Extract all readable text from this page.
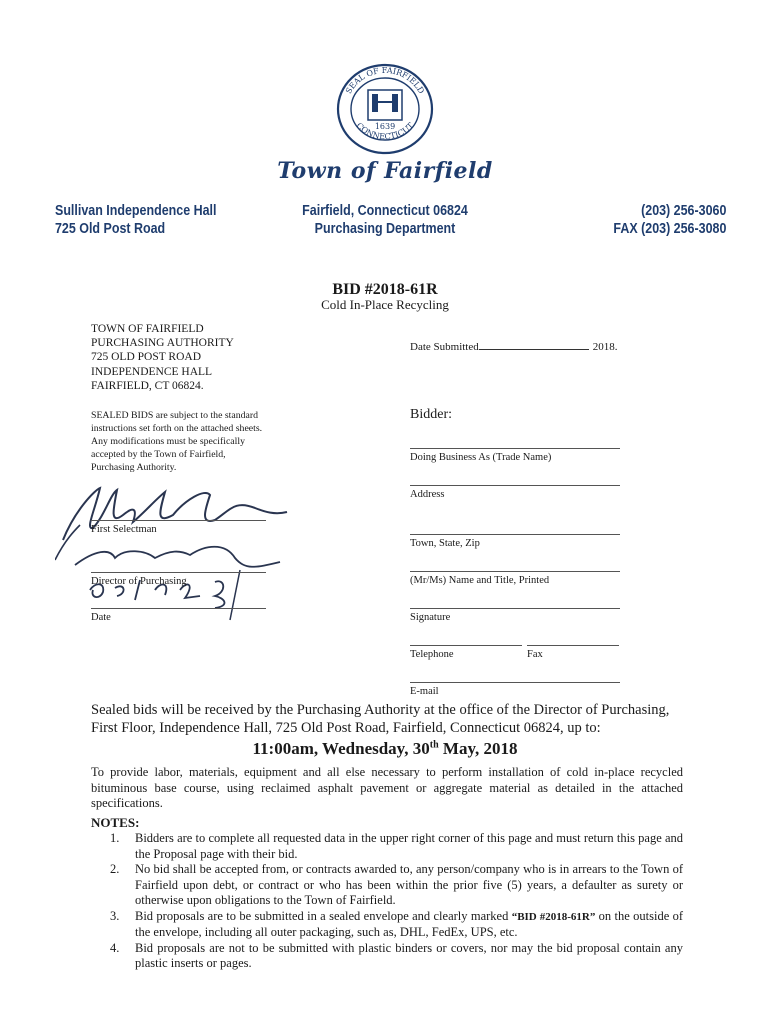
SEAL OF FAIRFIELD
CONNECTICUT
1639
Town of Fairfield
Sullivan Independence Hall
725 Old Post Road
Fairfield, Connecticut 06824
Purchasing Department
(203) 256-3060
FAX (203) 256-3080
BID #2018-61R
Cold In-Place Recycling
TOWN OF FAIRFIELD
PURCHASING AUTHORITY
725 OLD POST ROAD
INDEPENDENCE HALL
FAIRFIELD, CT 06824.
Date Submitted	2018.
SEALED BIDS are subject to the standard
instructions set forth on the attached sheets.
Any modifications must be specifically
accepted by the Town of Fairfield,
Purchasing Authority.
Bidder:
Doing Business As (Trade Name)
Address
Town, State, Zip
(Mr/Ms) Name and Title, Printed
Signature
Telephone	Fax
E-mail
First Selectman
Director of Purchasing
Date
Sealed bids will be received by the Purchasing Authority at the office of the Director of Purchasing, First Floor, Independence Hall, 725 Old Post Road, Fairfield, Connecticut 06824, up to:
11:00am, Wednesday, 30th May, 2018
To provide labor, materials, equipment and all else necessary to perform installation of cold in-place recycled bituminous base course, using reclaimed asphalt pavement or aggregate material as detailed in the attached specifications.
NOTES:
1. Bidders are to complete all requested data in the upper right corner of this page and must return this page and the Proposal page with their bid.
2. No bid shall be accepted from, or contracts awarded to, any person/company who is in arrears to the Town of Fairfield upon debt, or contract or who has been within the prior five (5) years, a defaulter as surety or otherwise upon obligations to the Town of Fairfield.
3. Bid proposals are to be submitted in a sealed envelope and clearly marked “BID #2018-61R” on the outside of the envelope, including all outer packaging, such as, DHL, FedEx, UPS, etc.
4. Bid proposals are not to be submitted with plastic binders or covers, nor may the bid proposal contain any plastic inserts or pages.
